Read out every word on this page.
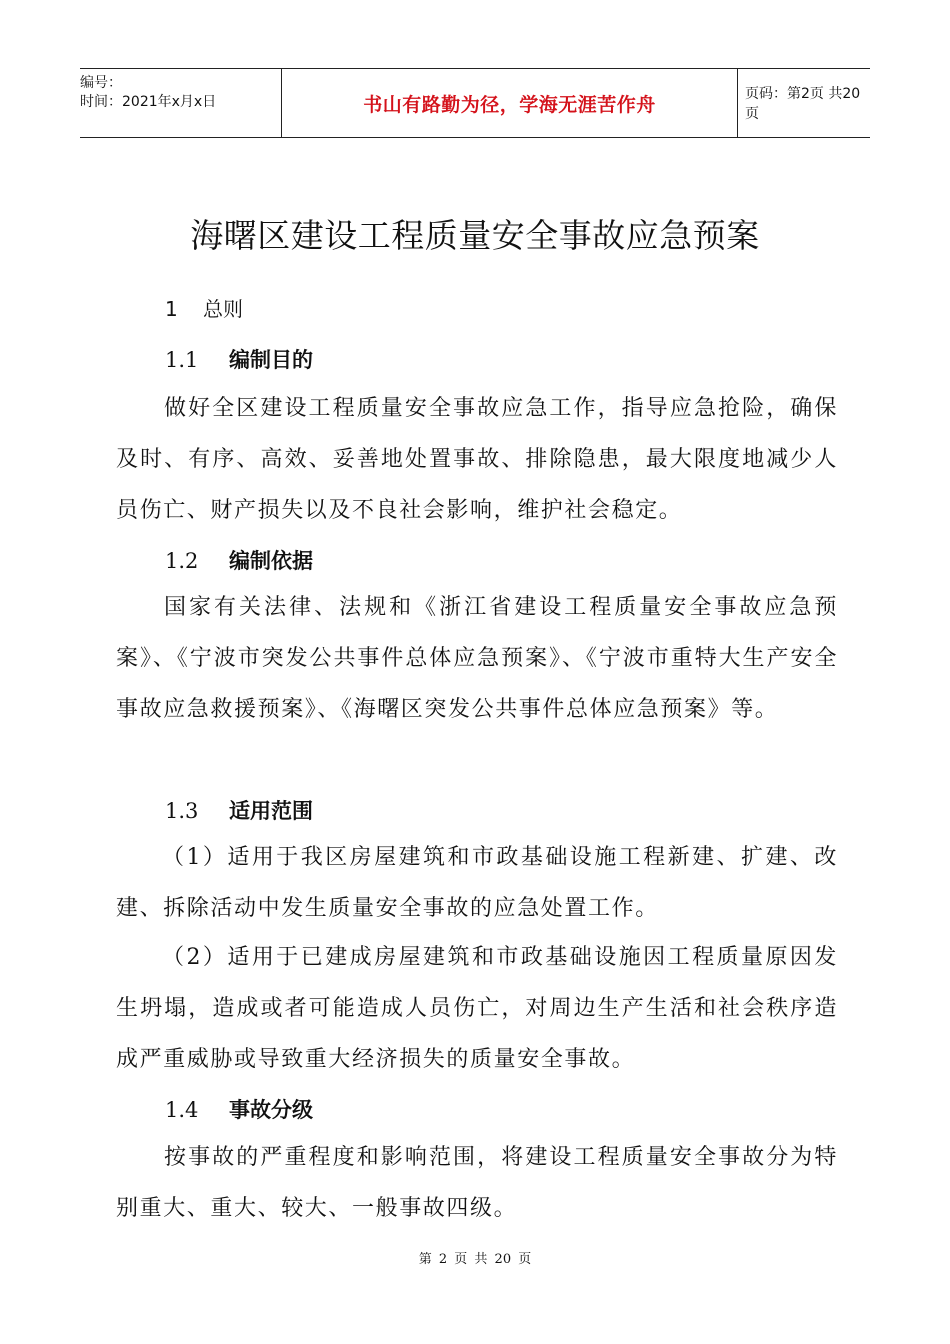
编号：
时间：2021年x月x日	书山有路勤为径，学海无涯苦作舟	页码：第2页 共20页
海曙区建设工程质量安全事故应急预案
1 总则
1.1 编制目的

做好全区建设工程质量安全事故应急工作，指导应急抢险，确保及时、有序、高效、妥善地处置事故、排除隐患，最大限度地减少人员伤亡、财产损失以及不良社会影响，维护社会稳定。

1.2 编制依据

国家有关法律、法规和《浙江省建设工程质量安全事故应急预案》、《宁波市突发公共事件总体应急预案》、《宁波市重特大生产安全事故应急救援预案》、《海曙区突发公共事件总体应急预案》等。

1.3 适用范围

（1）适用于我区房屋建筑和市政基础设施工程新建、扩建、改建、拆除活动中发生质量安全事故的应急处置工作。

（2）适用于已建成房屋建筑和市政基础设施因工程质量原因发生坍塌，造成或者可能造成人员伤亡，对周边生产生活和社会秩序造成严重威胁或导致重大经济损失的质量安全事故。

1.4 事故分级

按事故的严重程度和影响范围，将建设工程质量安全事故分为特别重大、重大、较大、一般事故四级。

第 2 页 共 20 页
